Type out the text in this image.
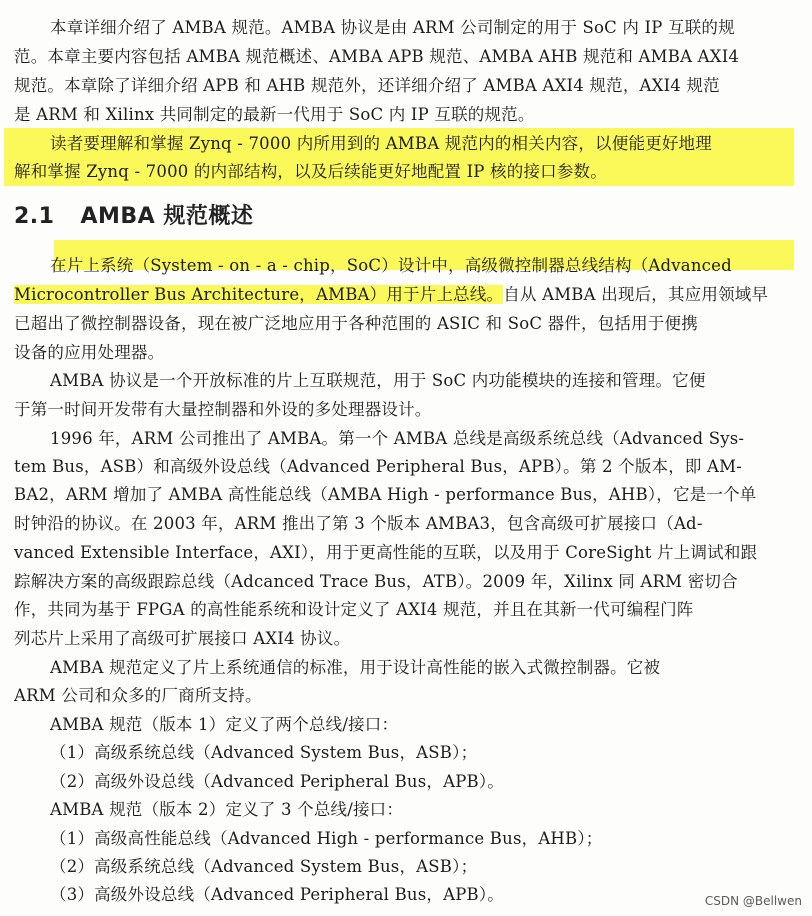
本章详细介绍了 AMBA 规范。AMBA 协议是由 ARM 公司制定的用于 SoC 内 IP 互联的规
范。本章主要内容包括 AMBA 规范概述、AMBA APB 规范、AMBA AHB 规范和 AMBA AXI4
规范。本章除了详细介绍 APB 和 AHB 规范外，还详细介绍了 AMBA AXI4 规范，AXI4 规范
是 ARM 和 Xilinx 共同制定的最新一代用于 SoC 内 IP 互联的规范。
读者要理解和掌握 Zynq - 7000 内所用到的 AMBA 规范内的相关内容，以便能更好地理
解和掌握 Zynq - 7000 的内部结构，以及后续能更好地配置 IP 核的接口参数。
2.1 AMBA 规范概述
在片上系统（System - on - a - chip，SoC）设计中，高级微控制器总线结构（Advanced
Microcontroller Bus Architecture，AMBA）用于片上总线。自从 AMBA 出现后，其应用领域早
已超出了微控制器设备，现在被广泛地应用于各种范围的 ASIC 和 SoC 器件，包括用于便携
设备的应用处理器。
AMBA 协议是一个开放标准的片上互联规范，用于 SoC 内功能模块的连接和管理。它便
于第一时间开发带有大量控制器和外设的多处理器设计。
1996 年，ARM 公司推出了 AMBA。第一个 AMBA 总线是高级系统总线（Advanced Sys-
tem Bus，ASB）和高级外设总线（Advanced Peripheral Bus，APB）。第 2 个版本，即 AM-
BA2，ARM 增加了 AMBA 高性能总线（AMBA High - performance Bus，AHB），它是一个单
时钟沿的协议。在 2003 年，ARM 推出了第 3 个版本 AMBA3，包含高级可扩展接口（Ad-
vanced Extensible Interface，AXI），用于更高性能的互联，以及用于 CoreSight 片上调试和跟
踪解决方案的高级跟踪总线（Adcanced Trace Bus，ATB）。2009 年，Xilinx 同 ARM 密切合
作，共同为基于 FPGA 的高性能系统和设计定义了 AXI4 规范，并且在其新一代可编程门阵
列芯片上采用了高级可扩展接口 AXI4 协议。
AMBA 规范定义了片上系统通信的标准，用于设计高性能的嵌入式微控制器。它被
ARM 公司和众多的厂商所支持。
AMBA 规范（版本 1）定义了两个总线/接口：
（1）高级系统总线（Advanced System Bus，ASB）；
（2）高级外设总线（Advanced Peripheral Bus，APB）。
AMBA 规范（版本 2）定义了 3 个总线/接口：
（1）高级高性能总线（Advanced High - performance Bus，AHB）；
（2）高级系统总线（Advanced System Bus，ASB）；
（3）高级外设总线（Advanced Peripheral Bus，APB）。	CSDN @Bellwen
